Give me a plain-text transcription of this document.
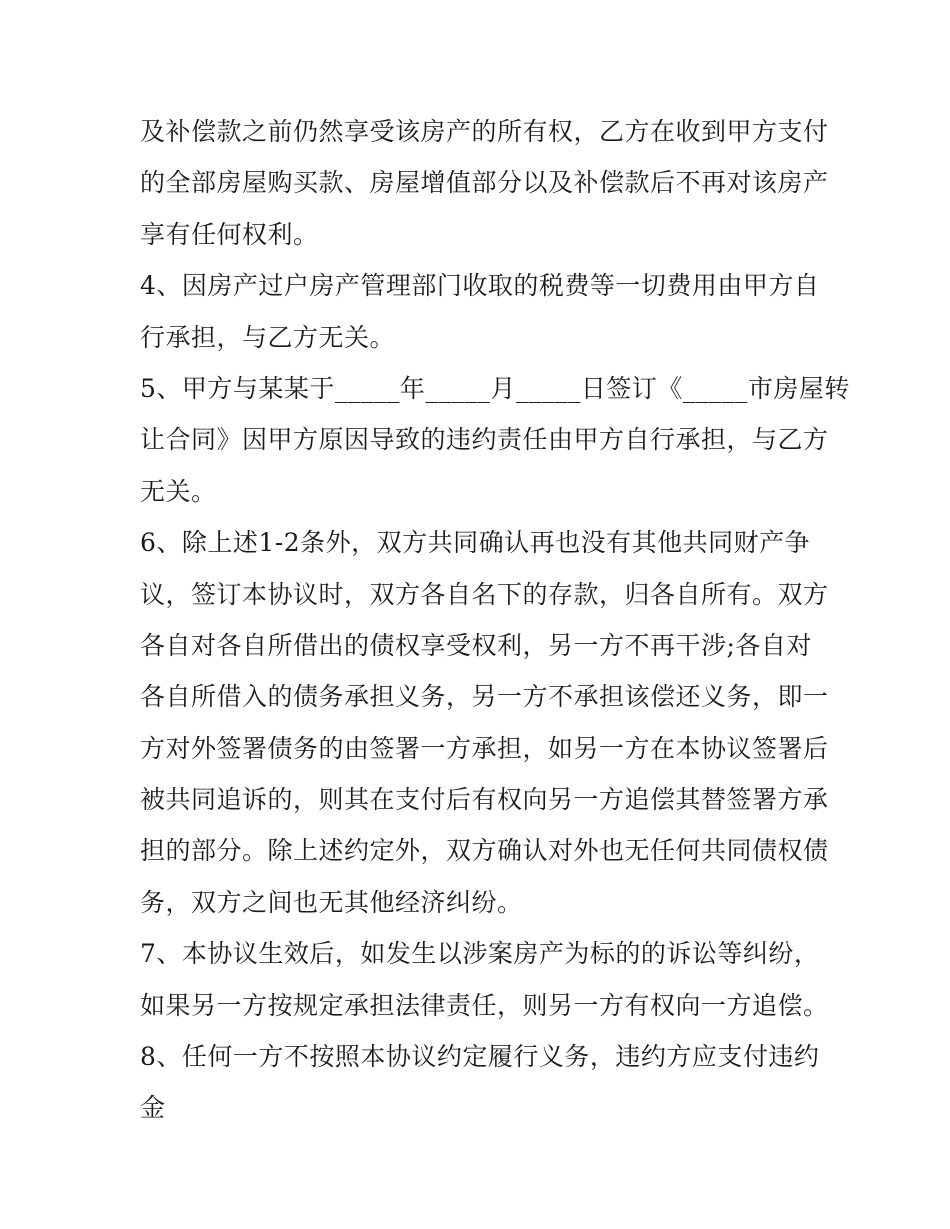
及补偿款之前仍然享受该房产的所有权，乙方在收到甲方支付
的全部房屋购买款、房屋增值部分以及补偿款后不再对该房产
享有任何权利。
4、因房产过户房产管理部门收取的税费等一切费用由甲方自
行承担，与乙方无关。
5、甲方与某某于_____年_____月_____日签订《_____市房屋转
让合同》因甲方原因导致的违约责任由甲方自行承担，与乙方
无关。
6、除上述1-2条外，双方共同确认再也没有其他共同财产争
议，签订本协议时，双方各自名下的存款，归各自所有。双方
各自对各自所借出的债权享受权利，另一方不再干涉;各自对
各自所借入的债务承担义务，另一方不承担该偿还义务，即一
方对外签署债务的由签署一方承担，如另一方在本协议签署后
被共同追诉的，则其在支付后有权向另一方追偿其替签署方承
担的部分。除上述约定外，双方确认对外也无任何共同债权债
务，双方之间也无其他经济纠纷。
7、本协议生效后，如发生以涉案房产为标的的诉讼等纠纷，
如果另一方按规定承担法律责任，则另一方有权向一方追偿。
8、任何一方不按照本协议约定履行义务，违约方应支付违约
金
